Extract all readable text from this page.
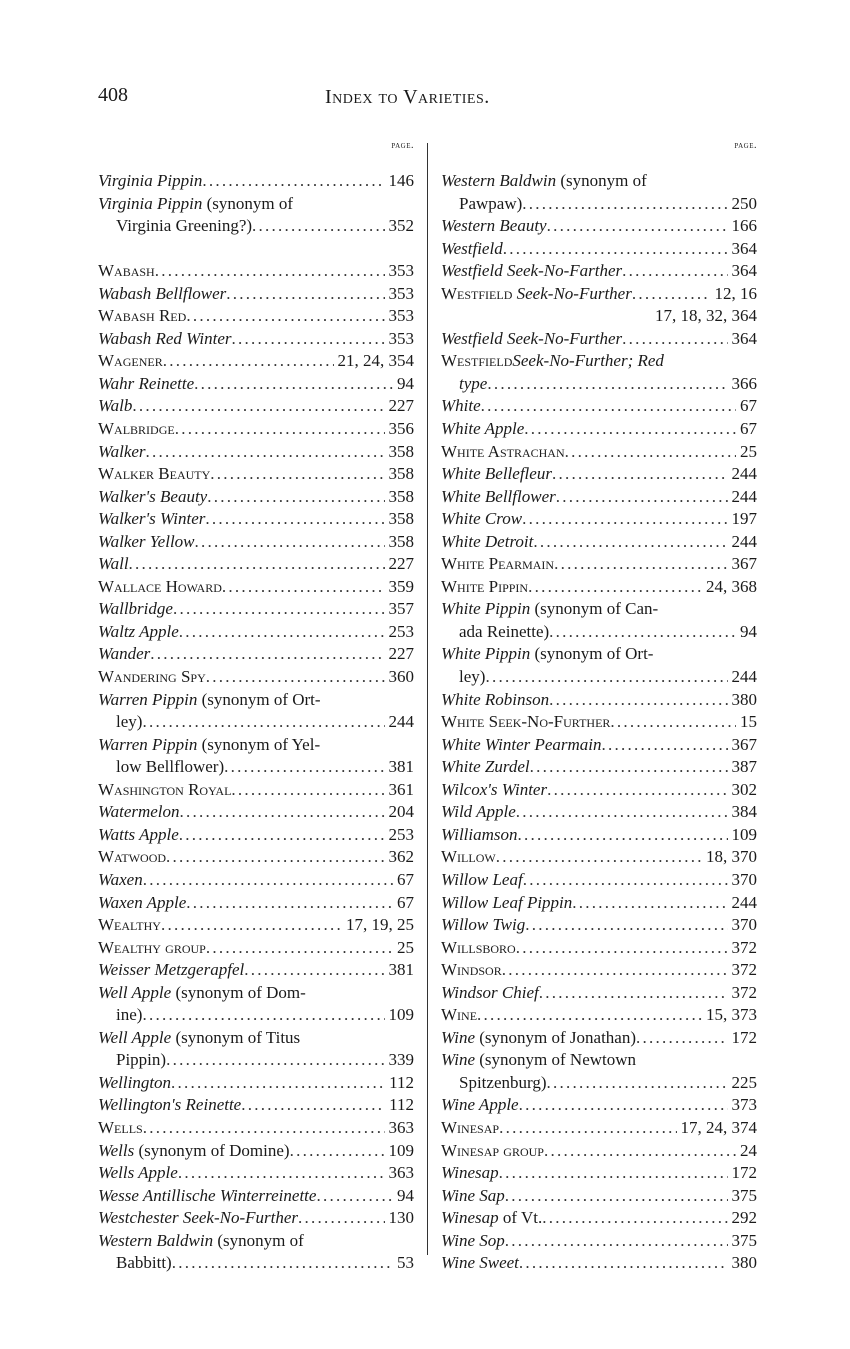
408	Index to Varieties.
page.
Virginia Pippin . . .	146
Virginia Pippin (synonym of
Virginia Greening?) . . .	352
Wabash . . .	353
Wabash Bellflower . . .	353
Wabash Red . . .	353
Wabash Red Winter . . .	353
Wagener . . .	21, 24, 354
Wahr Reinette . . .	94
Walb . . .	227
Walbridge . . .	356
Walker . . .	358
Walker Beauty . . .	358
Walker's Beauty . . .	358
Walker's Winter . . .	358
Walker Yellow . . .	358
Wall . . .	227
Wallace Howard . . .	359
Wallbridge . . .	357
Waltz Apple . . .	253
Wander . . .	227
Wandering Spy . . .	360
Warren Pippin (synonym of Ort-
ley) . . .	244
Warren Pippin (synonym of Yel-
low Bellflower) . . .	381
Washington Royal . . .	361
Watermelon . . .	204
Watts Apple . . .	253
Watwood . . .	362
Waxen . . .	67
Waxen Apple . . .	67
Wealthy . . .	17, 19, 25
Wealthy group . . .	25
Weisser Metzgerapfel . . .	381
Well Apple (synonym of Dom-
ine) . . .	109
Well Apple (synonym of Titus
Pippin) . . .	339
Wellington . . .	112
Wellington's Reinette . . .	112
Wells . . .	363
Wells (synonym of Domine) . . .	109
Wells Apple . . .	363
Wesse Antillische Winterreinette . . .	94
Westchester Seek-No-Further . . .	130
Western Baldwin (synonym of
Babbitt) . . .	53
page.
Western Baldwin (synonym of
Pawpaw) . . .	250
Western Beauty . . .	166
Westfield . . .	364
Westfield Seek-No-Farther . . .	364
Westfield Seek-No-Further . . .	12, 16
17, 18, 32, 364
Westfield Seek-No-Further . . .	364
WestfieldSeek-No-Further; Red
type . . .	366
White . . .	67
White Apple . . .	67
White Astrachan . . .	25
White Bellefleur . . .	244
White Bellflower . . .	244
White Crow . . .	197
White Detroit . . .	244
White Pearmain . . .	367
White Pippin . . .	24, 368
White Pippin (synonym of Can-
ada Reinette) . . .	94
White Pippin (synonym of Ort-
ley) . . .	244
White Robinson . . .	380
White Seek-No-Further . . .	15
White Winter Pearmain . . .	367
White Zurdel . . .	387
Wilcox's Winter . . .	302
Wild Apple . . .	384
Williamson . . .	109
Willow . . .	18, 370
Willow Leaf . . .	370
Willow Leaf Pippin . . .	244
Willow Twig . . .	370
Willsboro . . .	372
Windsor . . .	372
Windsor Chief . . .	372
Wine . . .	15, 373
Wine (synonym of Jonathan) . . .	172
Wine (synonym of Newtown
Spitzenburg) . . .	225
Wine Apple . . .	373
Winesap . . .	17, 24, 374
Winesap group . . .	24
Winesap . . .	172
Wine Sap . . .	375
Winesap of Vt. . . .	292
Wine Sop . . .	375
Wine Sweet . . .	380
